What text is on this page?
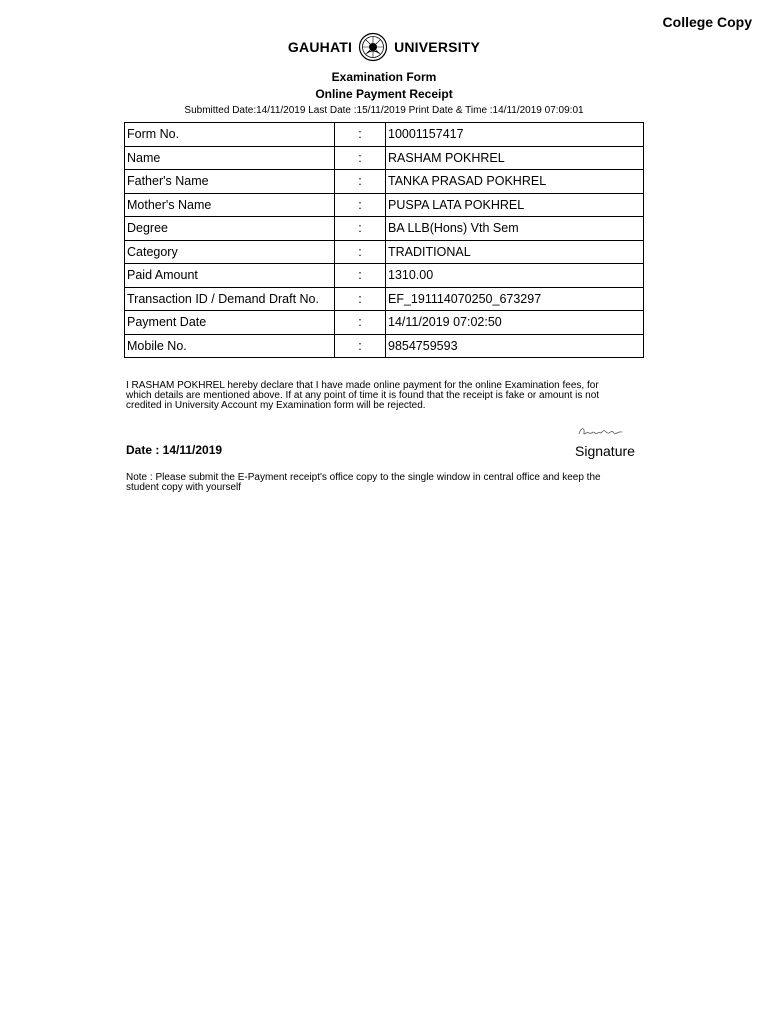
College Copy
GAUHATI	UNIVERSITY
Examination Form
Online Payment Receipt
Submitted Date:14/11/2019 Last Date :15/11/2019 Print Date & Time :14/11/2019 07:09:01
Form No.	:	10001157417
Name	:	RASHAM POKHREL
Father's Name	:	TANKA PRASAD POKHREL
Mother's Name	:	PUSPA LATA POKHREL
Degree	:	BA LLB(Hons) Vth Sem
Category	:	TRADITIONAL
Paid Amount	:	1310.00
Transaction ID / Demand Draft No.	:	EF_191114070250_673297
Payment Date	:	14/11/2019 07:02:50
Mobile No.	:	9854759593
I RASHAM POKHREL hereby declare that I have made online payment for the online Examination fees, for which details are mentioned above. If at any point of time it is found that the receipt is fake or amount is not credited in University Account my Examination form will be rejected.
Date : 14/11/2019	Signature
Note : Please submit the E-Payment receipt's office copy to the single window in central office and keep the student copy with yourself
